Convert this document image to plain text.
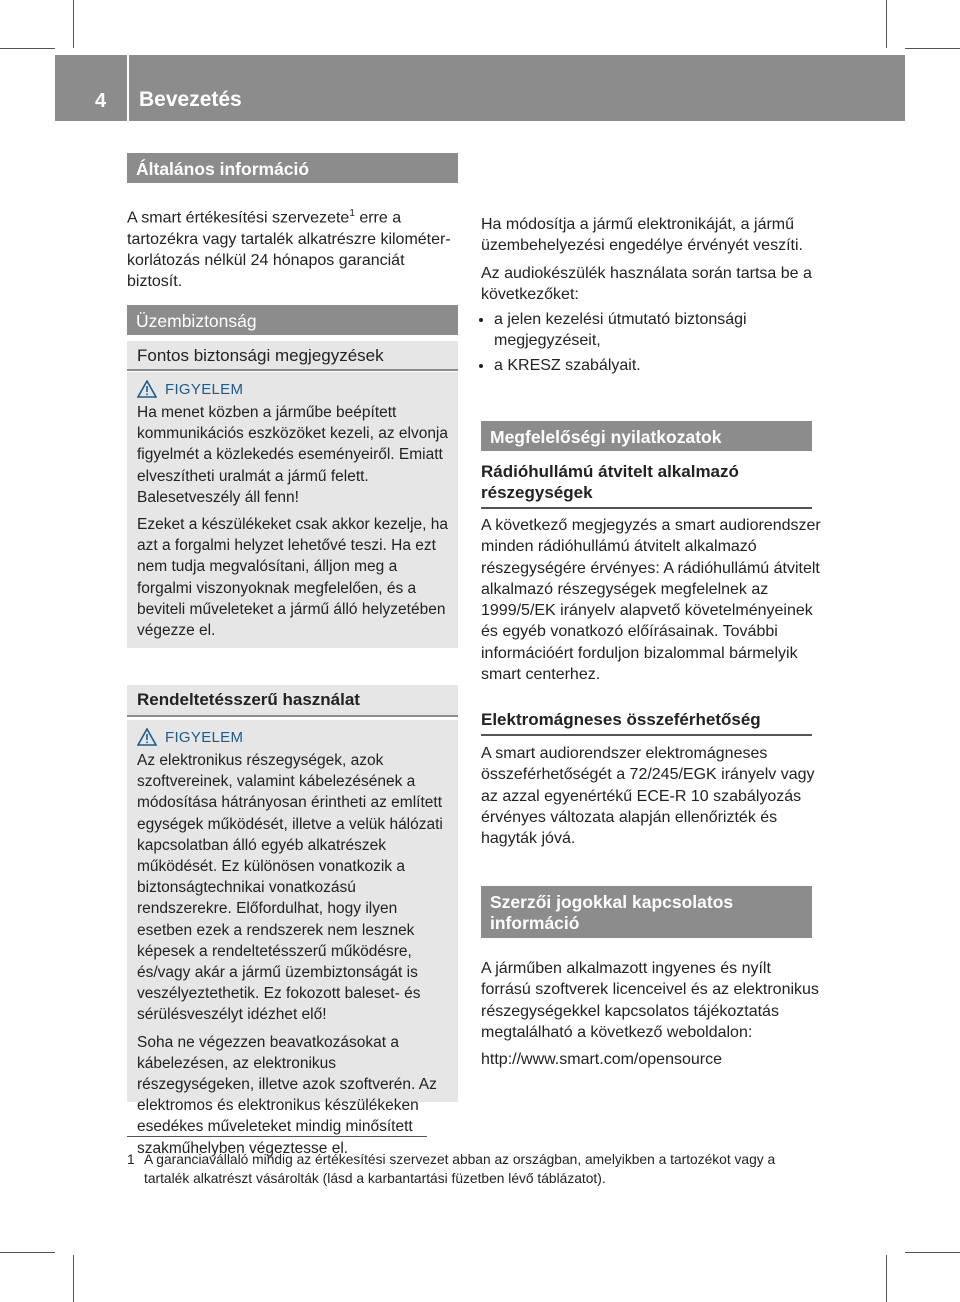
4 Bevezetés
Általános információ

A smart értékesítési szervezete$^1$ erre a tartozékra vagy tartalék alkatrészre kilométer-korlátozás nélkül 24 hónapos garanciát biztosít.

Üzembiztonság
Fontos biztonsági megjegyzések
FIGYELEM

Ha menet közben a járműbe beépített kommunikációs eszközöket kezeli, az elvonja figyelmét a közlekedés eseményeiről. Emiatt elveszítheti uralmát a jármű felett. Balesetveszély áll fenn!

Ezeket a készülékeket csak akkor kezelje, ha azt a forgalmi helyzet lehetővé teszi. Ha ezt nem tudja megvalósítani, álljon meg a forgalmi viszonyoknak megfelelően, és a beviteli műveleteket a jármű álló helyzetében végezze el.

Rendeltetésszerű használat
FIGYELEM

Az elektronikus részegységek, azok szoftvereinek, valamint kábelezésének a módosítása hátrányosan érintheti az említett egységek működését, illetve a velük hálózati kapcsolatban álló egyéb alkatrészek működését. Ez különösen vonatkozik a biztonságtechnikai vonatkozású rendszerekre. Előfordulhat, hogy ilyen esetben ezek a rendszerek nem lesznek képesek a rendeltetésszerű működésre, és/vagy akár a jármű üzembiztonságát is veszélyeztethetik. Ez fokozott baleset- és sérülésveszélyt idézhet elő!

Soha ne végezzen beavatkozásokat a kábelezésen, az elektronikus részegységeken, illetve azok szoftverén. Az elektromos és elektronikus készülékeken esedékes műveleteket mindig minősített szakműhelyben végeztesse el.

Ha módosítja a jármű elektronikáját, a jármű üzembehelyezési engedélye érvényét veszíti.

Az audiokészülék használata során tartsa be a következőket:

• a jelen kezelési útmutató biztonsági megjegyzéseit,
• a KRESZ szabályait.
Megfelelőségi nyilatkozatok
Rádióhullámú átvitelt alkalmazó részegységek

A következő megjegyzés a smart audiorendszer minden rádióhullámú átvitelt alkalmazó részegységére érvényes: A rádióhullámú átvitelt alkalmazó részegységek megfelelnek az 1999/5/EK irányelv alapvető követelményeinek és egyéb vonatkozó előírásainak. További információért forduljon bizalommal bármelyik smart centerhez.

Elektromágneses összeférhetőség

A smart audiorendszer elektromágneses összeférhetőségét a 72/245/EGK irányelv vagy az azzal egyenértékű ECE-R 10 szabályozás érvényes változata alapján ellenőrizték és hagyták jóvá.

Szerzői jogokkal kapcsolatos információ

A járműben alkalmazott ingyenes és nyílt forrású szoftverek licenceivel és az elektronikus részegységekkel kapcsolatos tájékoztatás megtalálható a következő weboldalon:

http://www.smart.com/opensource

1 A garanciavállaló mindig az értékesítési szervezet abban az országban, amelyikben a tartozékot vagy a tartalék alkatrészt vásárolták (lásd a karbantartási füzetben lévő táblázatot).
